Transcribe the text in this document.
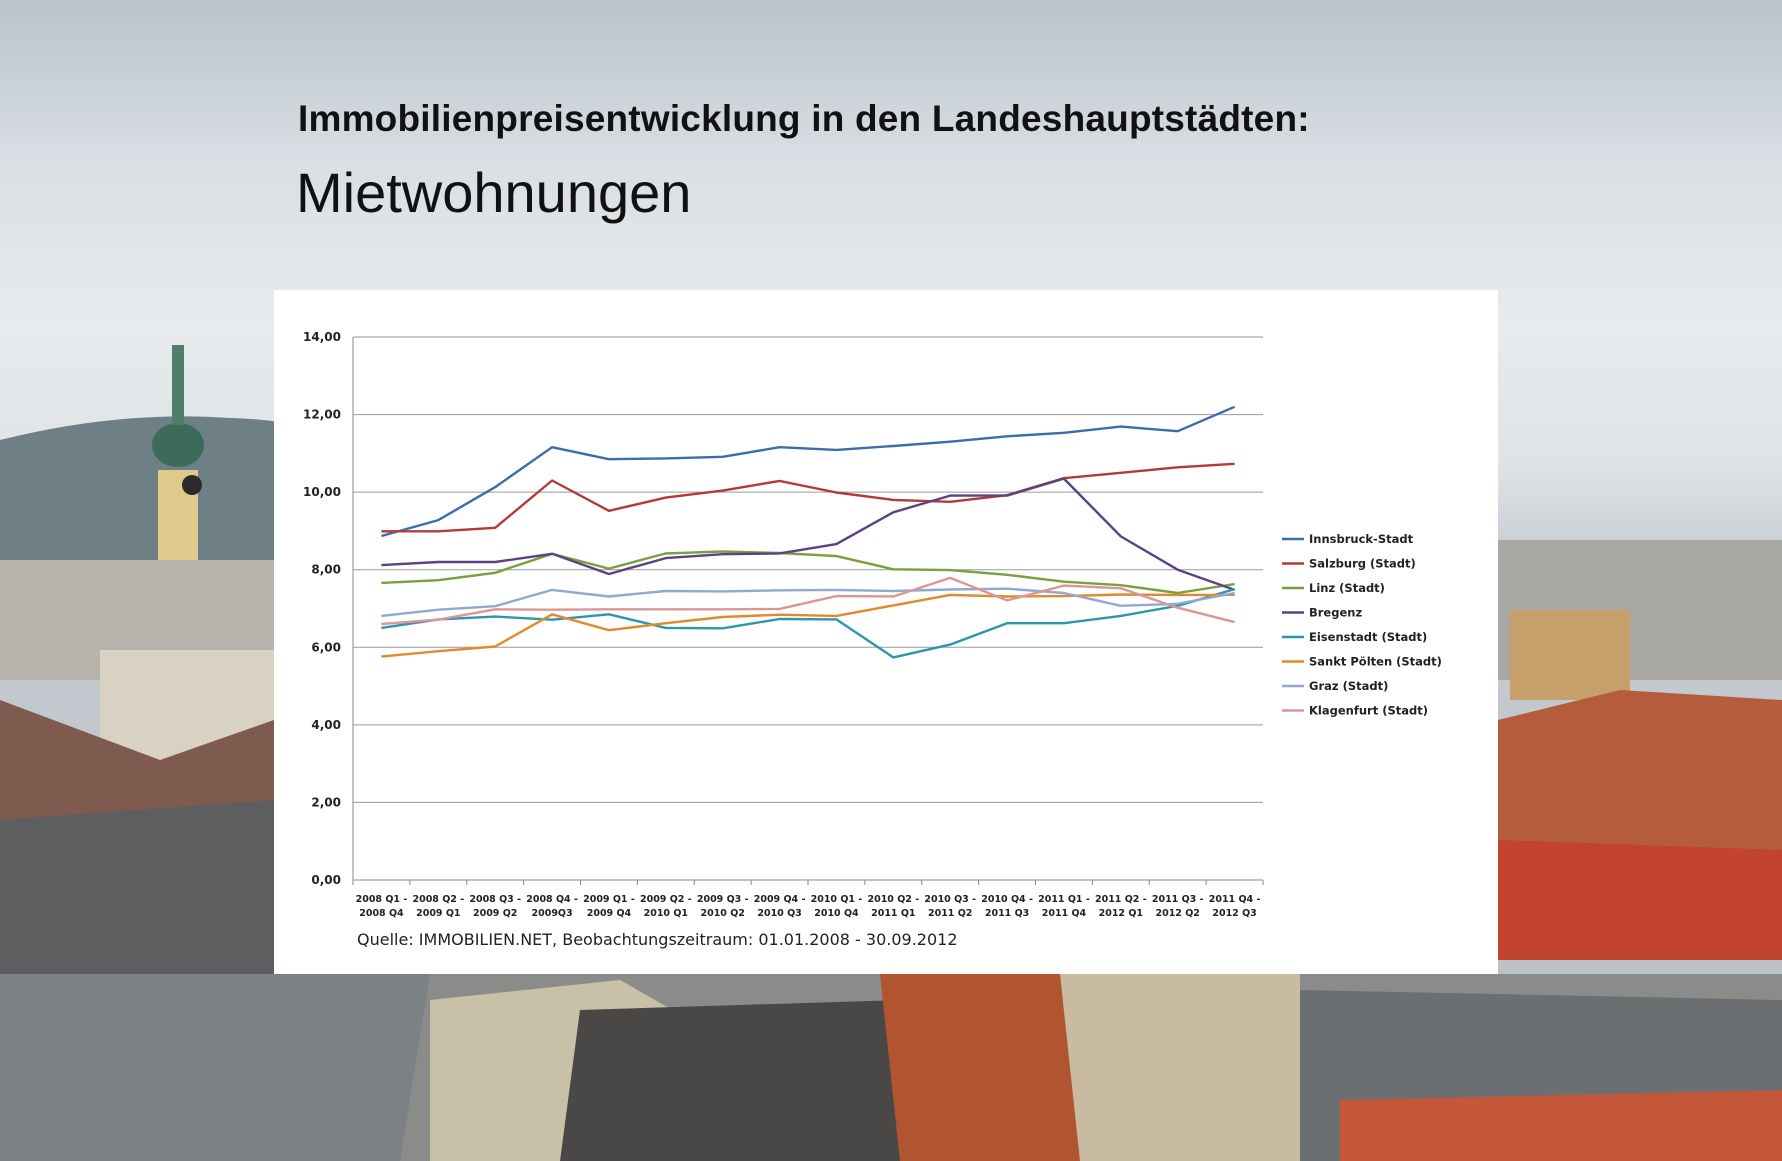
Immobilienpreisentwicklung in den Landeshauptstädten:
Mietwohnungen
0,00
2,00
4,00
6,00
8,00
10,00
12,00
14,00
2008 Q1 -2008 Q4
2008 Q2 -2009 Q1
2008 Q3 -2009 Q2
2008 Q4 -2009Q3
2009 Q1 -2009 Q4
2009 Q2 -2010 Q1
2009 Q3 -2010 Q2
2009 Q4 -2010 Q3
2010 Q1 -2010 Q4
2010 Q2 -2011 Q1
2010 Q3 -2011 Q2
2010 Q4 -2011 Q3
2011 Q1 -2011 Q4
2011 Q2 -2012 Q1
2011 Q3 -2012 Q2
2011 Q4 -2012 Q3
Innsbruck-Stadt
Salzburg (Stadt)
Linz (Stadt)
Bregenz
Eisenstadt (Stadt)
Sankt Pölten (Stadt)
Graz (Stadt)
Klagenfurt (Stadt)
Quelle: IMMOBILIEN.NET, Beobachtungszeitraum: 01.01.2008 - 30.09.2012
